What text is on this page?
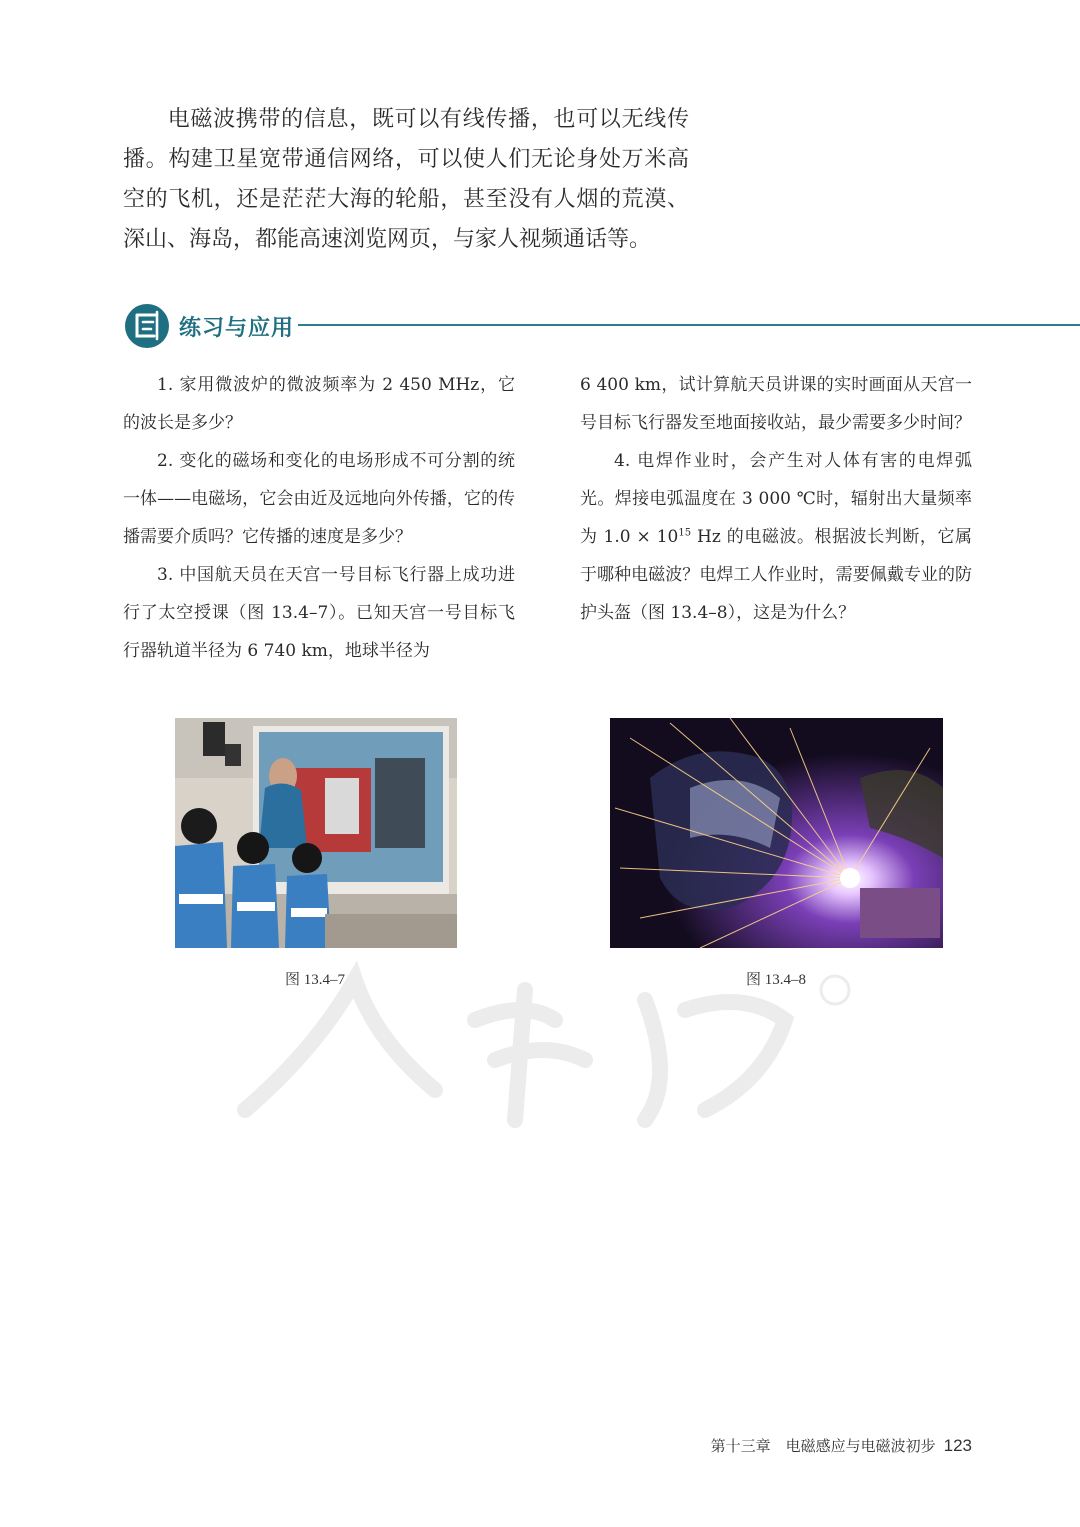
电磁波携带的信息，既可以有线传播，也可以无线传播。构建卫星宽带通信网络，可以使人们无论身处万米高空的飞机，还是茫茫大海的轮船，甚至没有人烟的荒漠、深山、海岛，都能高速浏览网页，与家人视频通话等。

练习与应用

1. 家用微波炉的微波频率为 2 450 MHz，它的波长是多少？

2. 变化的磁场和变化的电场形成不可分割的统一体——电磁场，它会由近及远地向外传播，它的传播需要介质吗？它传播的速度是多少？

3. 中国航天员在天宫一号目标飞行器上成功进行了太空授课（图 13.4–7）。已知天宫一号目标飞行器轨道半径为 6 740 km，地球半径为

6 400 km，试计算航天员讲课的实时画面从天宫一号目标飞行器发至地面接收站，最少需要多少时间？

4. 电焊作业时，会产生对人体有害的电焊弧光。焊接电弧温度在 3 000 ℃时，辐射出大量频率为 $1.0 \times 10^{15}$ Hz 的电磁波。根据波长判断，它属于哪种电磁波？电焊工人作业时，需要佩戴专业的防护头盔（图 13.4–8），这是为什么？

图 13.4–7	图 13.4–8
第十三章　电磁感应与电磁波初步 123
